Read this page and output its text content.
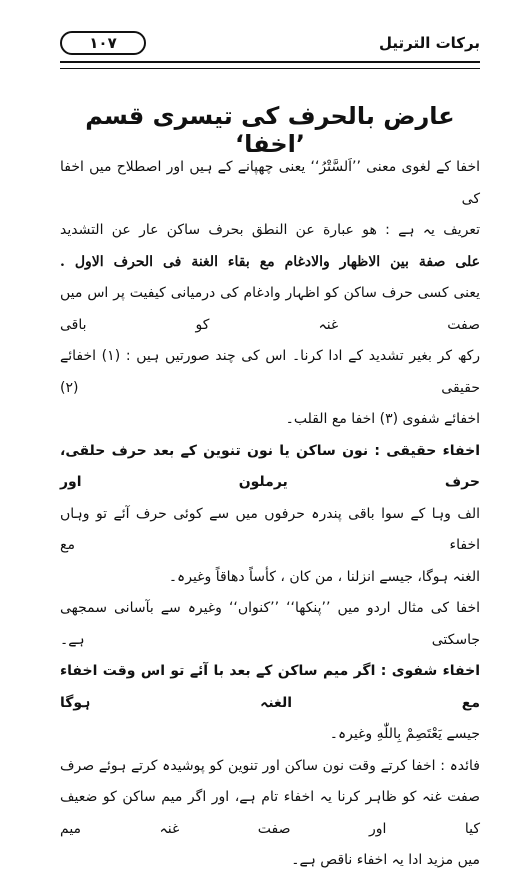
۱۰۷	برکات الترتیل
عارض بالحرف کی تیسری قسم ’اخفا‘
اخفا کے لغوی معنی ’’اَلسَّتْرُ‘‘ یعنی چھپانے کے ہیں اور اصطلاح میں اخفا کی
تعریف یہ ہے : هو عبارة عن النطق بحرف ساكن عار عن التشديد
على صفة بين الاظهار والادغام مع بقاء الغنة فى الحرف الاول .
یعنی کسی حرف ساکن کو اظہار وادغام کی درمیانی کیفیت پر اس میں صفت غنہ کو باقی
رکھ کر بغیر تشدید کے ادا کرنا۔ اس کی چند صورتیں ہیں : (۱) اخفائے حقیقی (۲)
اخفائے شفوی (۳) اخفا مع القلب۔
اخفاء حقیقی : نون ساکن یا نون تنوین کے بعد حرف حلقی، حرف یرملون اور
الف وہا کے سوا باقی پندرہ حرفوں میں سے کوئی حرف آئے تو وہاں اخفاء مع
الغنہ ہوگا، جیسے انزلنا ، من كان ، كأساً دهاقاً وغیرہ۔
اخفا کی مثال اردو میں ’’پنکھا‘‘ ’’کنواں‘‘ وغیرہ سے بآسانی سمجھی جاسکتی ہے۔
اخفاء شفوی : اگر میم ساکن کے بعد با آئے تو اس وقت اخفاء مع الغنہ ہوگا
جیسے يَعْتَصِمْ بِاللّٰهِ وغیرہ۔
فائدہ : اخفا کرتے وقت نون ساکن اور تنوین کو پوشیدہ کرتے ہوئے صرف
صفت غنہ کو ظاہر کرنا یہ اخفاء تام ہے، اور اگر میم ساکن کو ضعیف کیا اور صفت غنہ میم
میں مزید ادا یہ اخفاء ناقص ہے۔
